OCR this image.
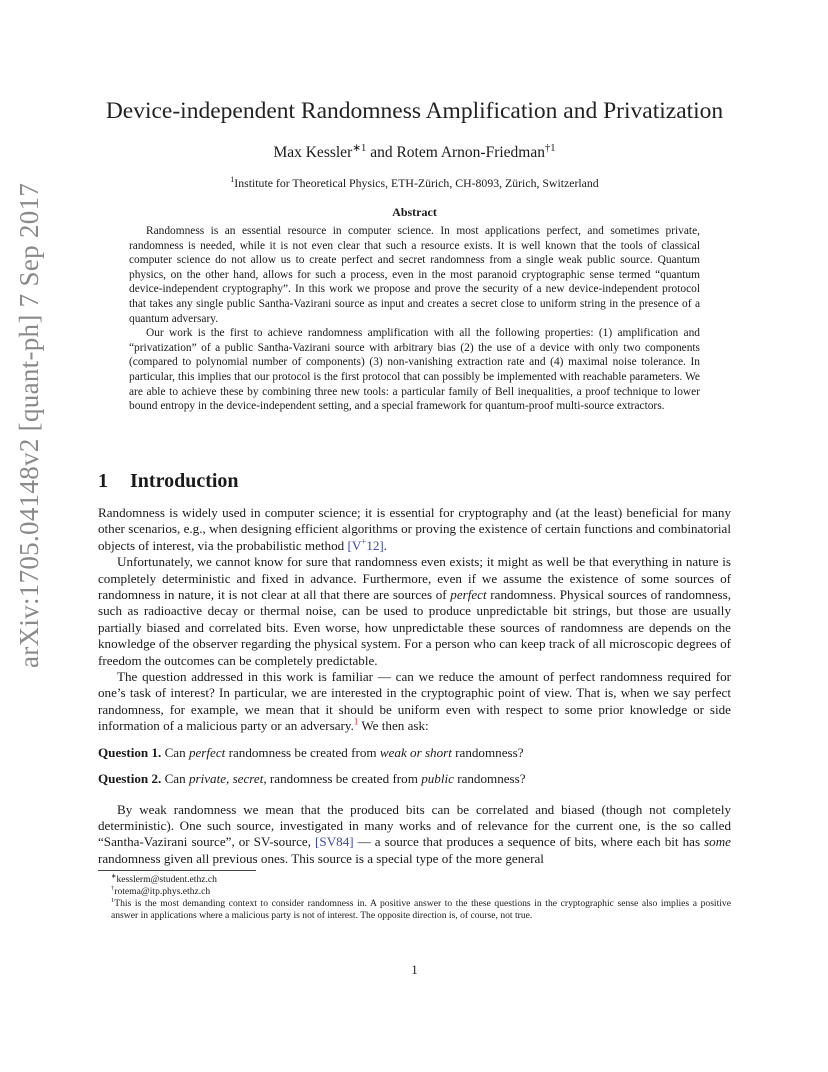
arXiv:1705.04148v2 [quant-ph] 7 Sep 2017
Device-independent Randomness Amplification and Privatization
Max Kessler$^{∗1}$ and Rotem Arnon-Friedman$^{\dagger 1}$
$^1$Institute for Theoretical Physics, ETH-Zürich, CH-8093, Zürich, Switzerland
Abstract

Randomness is an essential resource in computer science. In most applications perfect, and sometimes private, randomness is needed, while it is not even clear that such a resource exists. It is well known that the tools of classical computer science do not allow us to create perfect and secret randomness from a single weak public source. Quantum physics, on the other hand, allows for such a process, even in the most paranoid cryptographic sense termed “quantum device-independent cryptography”. In this work we propose and prove the security of a new device-independent protocol that takes any single public Santha-Vazirani source as input and creates a secret close to uniform string in the presence of a quantum adversary.

Our work is the first to achieve randomness amplification with all the following properties: (1) amplification and “privatization” of a public Santha-Vazirani source with arbitrary bias (2) the use of a device with only two components (compared to polynomial number of components) (3) non-vanishing extraction rate and (4) maximal noise tolerance. In particular, this implies that our protocol is the first protocol that can possibly be implemented with reachable parameters. We are able to achieve these by combining three new tools: a particular family of Bell inequalities, a proof technique to lower bound entropy in the device-independent setting, and a special framework for quantum-proof multi-source extractors.

1 Introduction

Randomness is widely used in computer science; it is essential for cryptography and (at the least) beneficial for many other scenarios, e.g., when designing efficient algorithms or proving the existence of certain functions and combinatorial objects of interest, via the probabilistic method [V+12].

Unfortunately, we cannot know for sure that randomness even exists; it might as well be that everything in nature is completely deterministic and fixed in advance. Furthermore, even if we assume the existence of some sources of randomness in nature, it is not clear at all that there are sources of perfect randomness. Physical sources of randomness, such as radioactive decay or thermal noise, can be used to produce unpredictable bit strings, but those are usually partially biased and correlated bits. Even worse, how unpredictable these sources of randomness are depends on the knowledge of the observer regarding the physical system. For a person who can keep track of all microscopic degrees of freedom the outcomes can be completely predictable.

The question addressed in this work is familiar — can we reduce the amount of perfect randomness required for one’s task of interest? In particular, we are interested in the cryptographic point of view. That is, when we say perfect randomness, for example, we mean that it should be uniform even with respect to some prior knowledge or side information of a malicious party or an adversary.$^1$ We then ask:

Question 1. Can perfect randomness be created from weak or short randomness?

Question 2. Can private, secret, randomness be created from public randomness?

By weak randomness we mean that the produced bits can be correlated and biased (though not completely deterministic). One such source, investigated in many works and of relevance for the current one, is the so called “Santha-Vazirani source”, or SV-source, [SV84] — a source that produces a sequence of bits, where each bit has some randomness given all previous ones. This source is a special type of the more general

∗kesslerm@student.ethz.ch
†rotema@itp.phys.ethz.ch
$^1$This is the most demanding context to consider randomness in. A positive answer to the these questions in the cryptographic sense also implies a positive answer in applications where a malicious party is not of interest. The opposite direction is, of course, not true.
1
